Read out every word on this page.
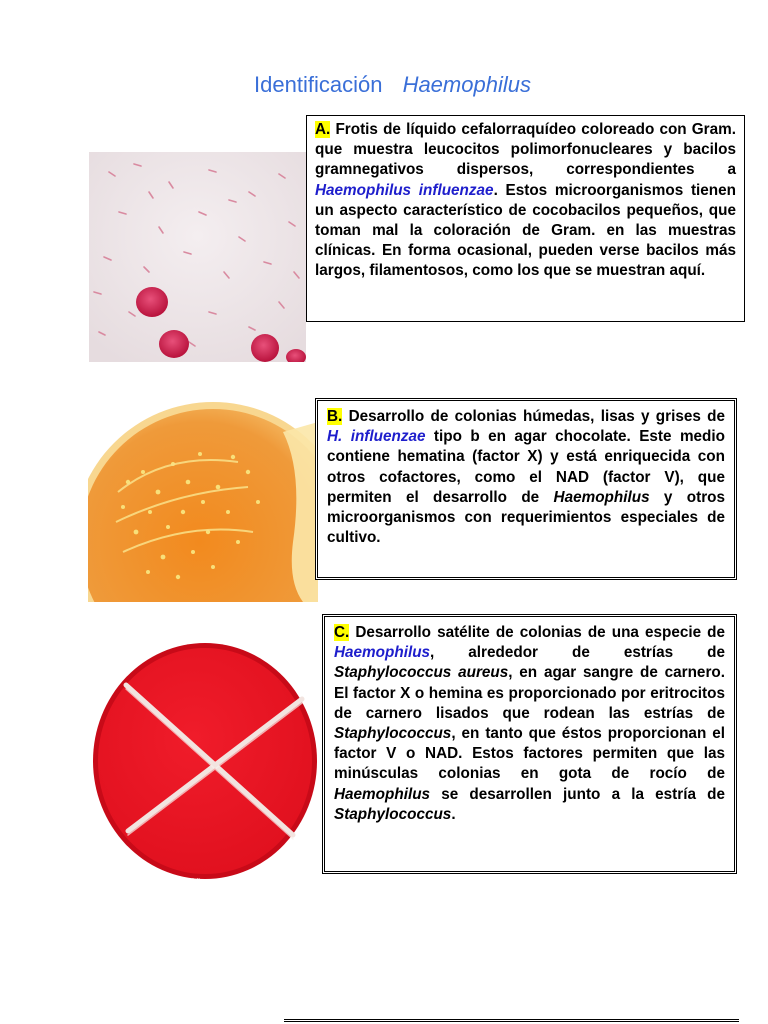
Identificación Haemophilus
A. Frotis de líquido cefalorraquídeo coloreado con Gram. que muestra leucocitos polimorfonucleares y bacilos gramnegativos dispersos, correspondientes a Haemophilus influenzae. Estos microorganismos tienen un aspecto característico de cocobacilos pequeños, que toman mal la coloración de Gram. en las muestras clínicas. En forma ocasional, pueden verse bacilos más largos, filamentosos, como los que se muestran aquí.
B. Desarrollo de colonias húmedas, lisas y grises de H. influenzae tipo b en agar chocolate. Este medio contiene hematina (factor X) y está enriquecida con otros cofactores, como el NAD (factor V), que permiten el desarrollo de Haemophilus y otros microorganismos con requerimientos especiales de cultivo.
ASM MicrobeLibrary.org
C. Desarrollo satélite de colonias de una especie de Haemophilus, alrededor de estrías de Staphylococcus aureus, en agar sangre de carnero. El factor X o hemina es proporcionado por eritrocitos de carnero lisados que rodean las estrías de Staphylococcus, en tanto que éstos proporcionan el factor V o NAD. Estos factores permiten que las minúsculas colonias en gota de rocío de Haemophilus se desarrollen junto a la estría de Staphylococcus.
